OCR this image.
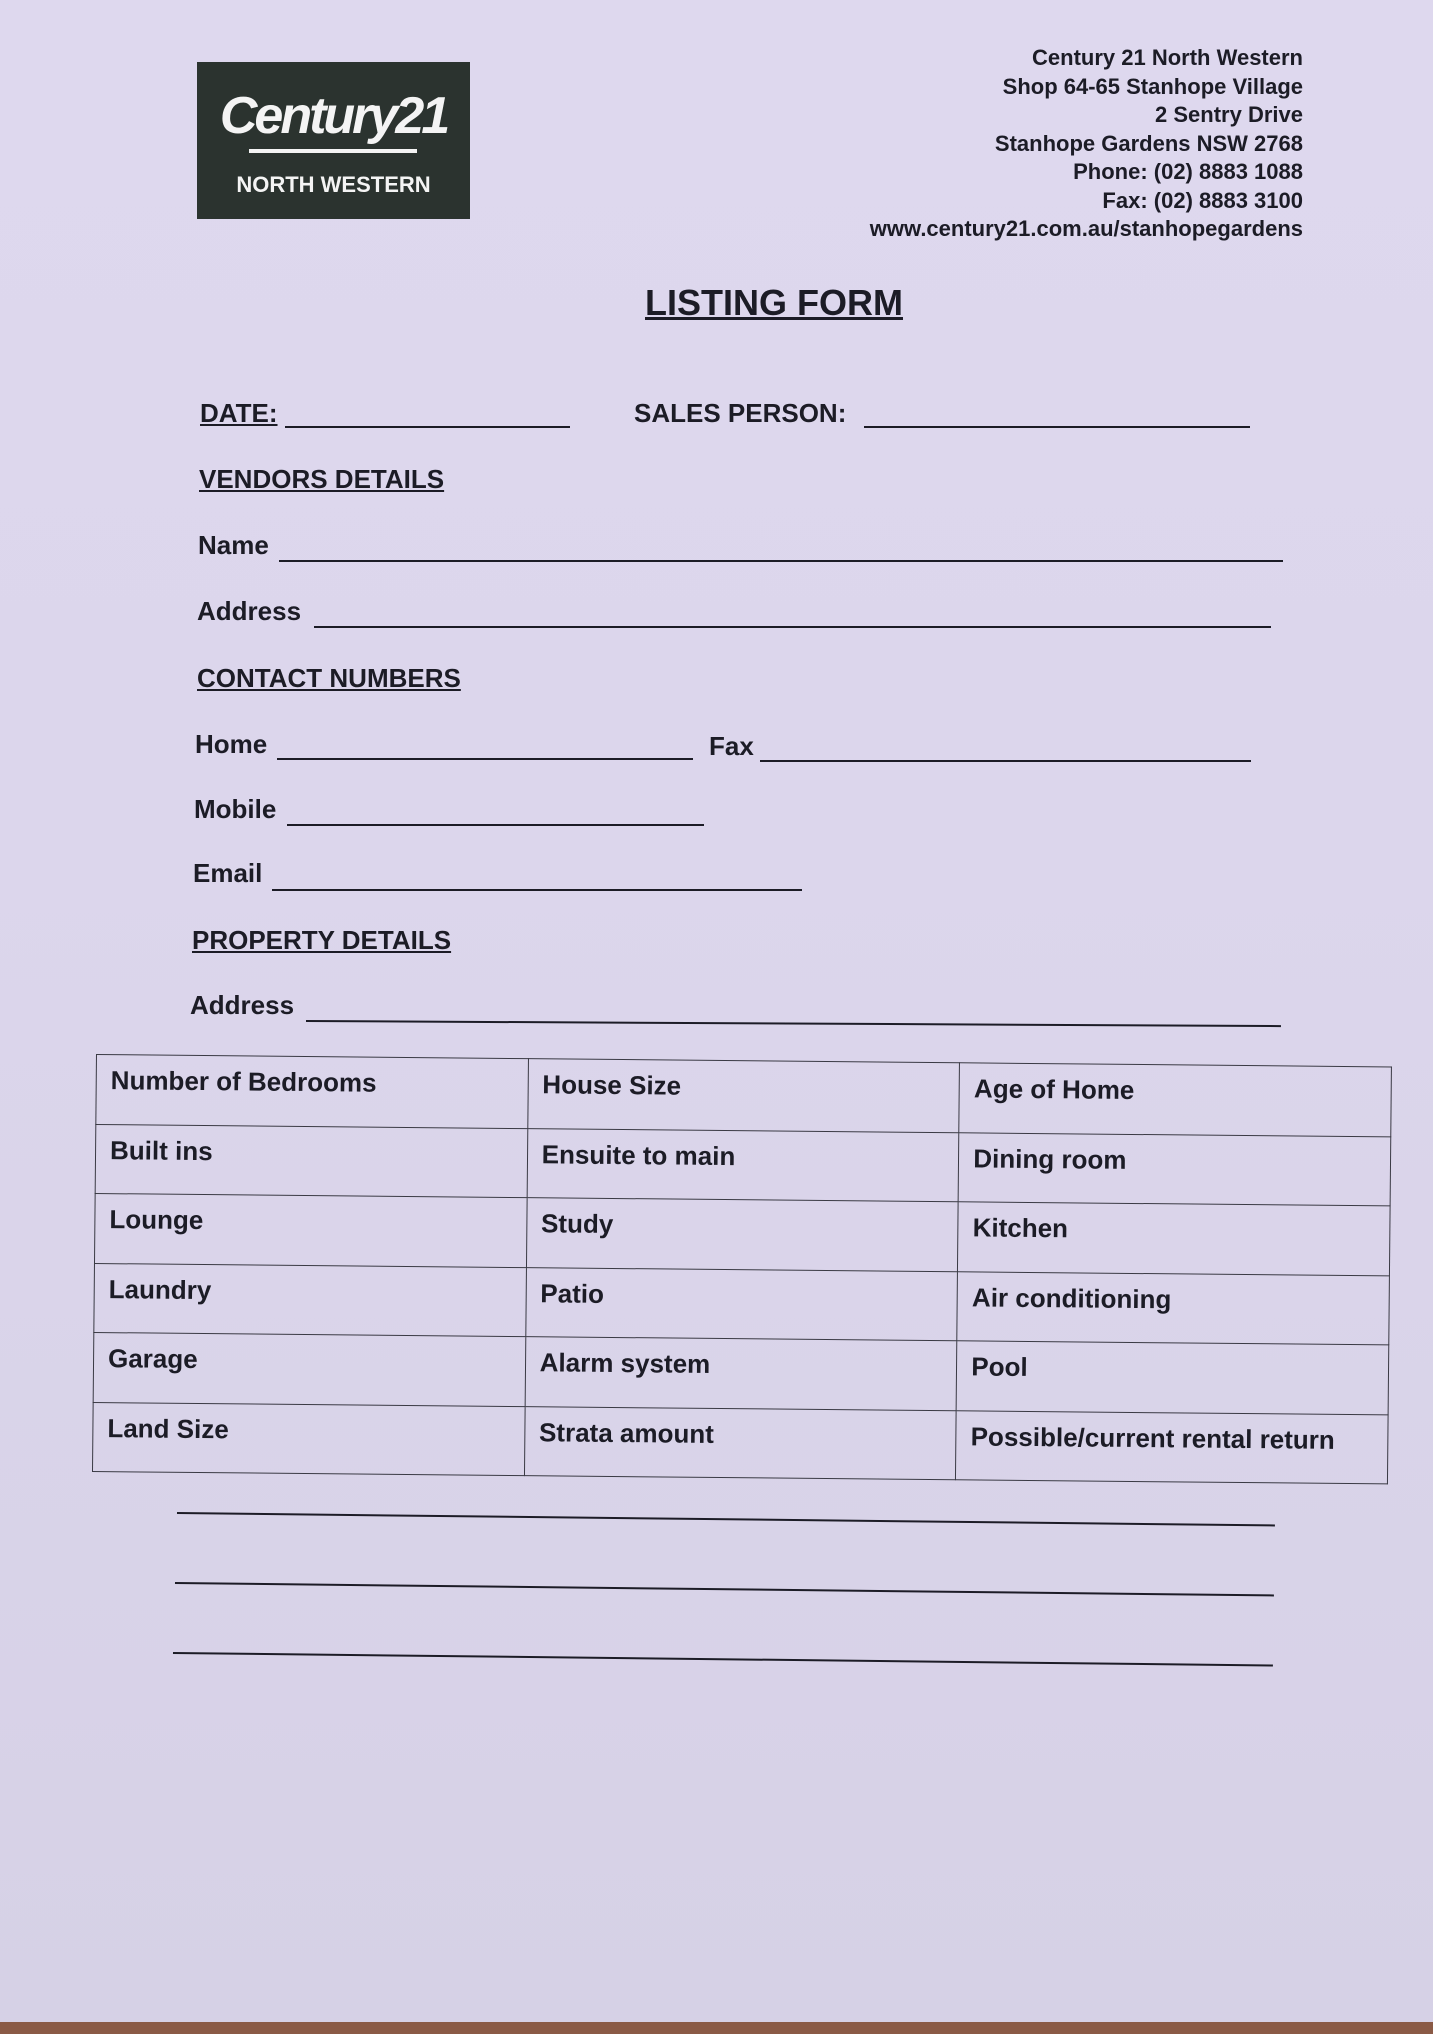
Century21
NORTH WESTERN
Century 21 North Western
Shop 64-65 Stanhope Village
2 Sentry Drive
Stanhope Gardens NSW 2768
Phone: (02) 8883 1088
Fax: (02) 8883 3100
www.century21.com.au/stanhopegardens
LISTING FORM
DATE:	SALES PERSON:
VENDORS DETAILS
Name
Address
CONTACT NUMBERS
Home	Fax
Mobile
Email
PROPERTY DETAILS
Address
Number of Bedrooms	House Size	Age of Home
Built ins	Ensuite to main	Dining room
Lounge	Study	Kitchen
Laundry	Patio	Air conditioning
Garage	Alarm system	Pool
Land Size	Strata amount	Possible/current rental return
